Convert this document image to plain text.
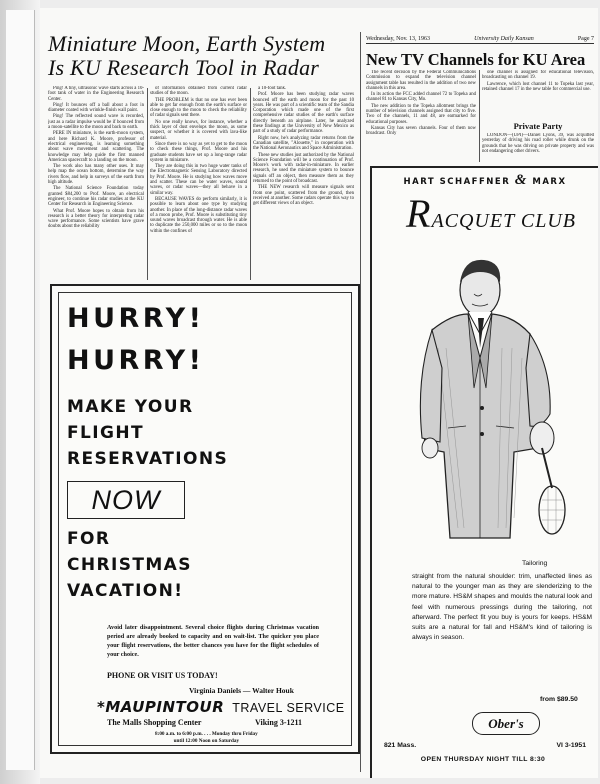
Wednesday, Nov. 13, 1963	University Daily Kansan	Page 7
Miniature Moon, Earth System
Is KU Research Tool in Radar

Ping! A tiny, ultrasonic wave starts across a 10-foot tank of water in the Engineering Research Center.

Ping! It bounces off a ball about a foot in diameter coated with wrinkle-finish wall paint.

Ping! The reflected sound wave is recorded, just as a radar impulse would be if bounced from a moon-satellite to the moon and back to earth.

PERE IN miniature, is the earth-moon system, and here Richard K. Moore, professor of electrical engineering, is learning something about wave movement and scattering. The knowledge may help guide the first manned American spacecraft to a landing on the moon.

The work also has many other uses. It may help map the ocean bottom, determine the way rivers flow, and help in surveys of the earth from high altitude.

The National Science Foundation today granted $84,200 to Prof. Moore, an electrical engineer, to continue his radar studies at the KU Center for Research in Engineering Science.

What Prof. Moore hopes to obtain from his research is a better theory for interpreting radar wave performance. Some scientists have grave doubts about the reliability

of information obtained from current radar studies of the moon.

THE PROBLEM is that no one has ever been able to get far enough from the earth's surface or close enough to the moon to check the reliability of radar signals sent there.

No one really knows, for instance, whether a thick layer of dust envelops the moon, as some suspect, or whether it is covered with lava-like material.

Since there is no way as yet to get to the moon to check these things, Prof. Moore and his graduate students have set up a long-range radar system in miniature.

They are doing this in two huge water tanks of the Electromagnetic Sensing Laboratory directed by Prof. Moore. He is studying how waves move and scatter. These can be water waves, sound waves, or radar waves—they all behave in a similar way.

BECAUSE WAVES do perform similarly, it is possible to learn about one type by studying another. In place of the long-distance radar waves of a moon probe, Prof. Moore is substituting tiny sound waves broadcast through water. He is able to duplicate the 250,000 miles or so to the moon within the confines of

a 10-foot tank.

Prof. Moore has been studying radar waves bounced off the earth and moon for the past 10 years. He was part of a scientific team of the Sandia Corporation which made one of the first comprehensive radar studies of the earth's surface directly beneath an airplane. Later, he analyzed these findings at the University of New Mexico as part of a study of radar performance.

Right now, he's analyzing radar returns from the Canadian satellite, "Alouette," in cooperation with the National Aeronautics and Space Administration.

These new studies just authorized by the National Science Foundation will be a continuation of Prof. Moore's work with radar-in-miniature. In earlier research, he used the miniature system to bounce signals off an object, then measure them as they returned to the point of broadcast.

THE NEW research will measure signals sent from one point, scattered from the ground, then received at another. Some radars operate this way to get different views of an object.

New TV Channels for KU Area

The recent decision by the Federal Communications Commission to expand the television channel assignment table has resulted in the addition of two new channels in this area.

In its action the FCC added channel 72 to Topeka and channel 81 to Kansas City, Mo.

The new addition to the Topeka allotment brings the number of television channels assigned that city to five. Two of the channels, 11 and 48, are earmarked for educational purposes.

Kansas City has seven channels. Four of them now broadcast. Only

one channel is assigned for educational television, broadcasting on channel 19.

Lawrence, which lost channel 11 to Topeka last year, retained channel 17 in the new table for commercial use.

Private Party

LONDON—(UPI)—Daniel Lyons, 39, was acquitted yesterday of driving his road roller while drunk on the grounds that he was driving on private property and was not endangering other drivers.

HURRY!
HURRY!
MAKE YOUR
FLIGHT
RESERVATIONS
NOW
FOR
CHRISTMAS
VACATION!
Avoid later disappointment. Several choice flights during Christmas vacation period are already booked to capacity and on wait-list. The quicker you place your flight reservations, the better chances you have for the flight schedules of your choice.
PHONE OR VISIT US TODAY!
Virginia Daniels — Walter Houk
*MAUPINTOUR TRAVEL SERVICE
The Malls Shopping Center	Viking 3-1211
8:00 a.m. to 6:00 p.m. . . . Monday thru Friday
until 12:00 Noon on Saturday
HART SCHAFFNER & MARX
RACQUET CLUB
Tailoring
straight from the natural shoulder: trim, unaffected lines as natural to the younger man as they are slenderizing to the more mature. HS&M shapes and moulds the natural look and feel with numerous pressings during the tailoring, not afterward. The perfect fit you buy is yours for keeps. HS&M suits are a natural for fall and HS&M's kind of tailoring is always in season.
from $89.50
Ober's
821 Mass.	VI 3-1951
OPEN THURSDAY NIGHT TILL 8:30
